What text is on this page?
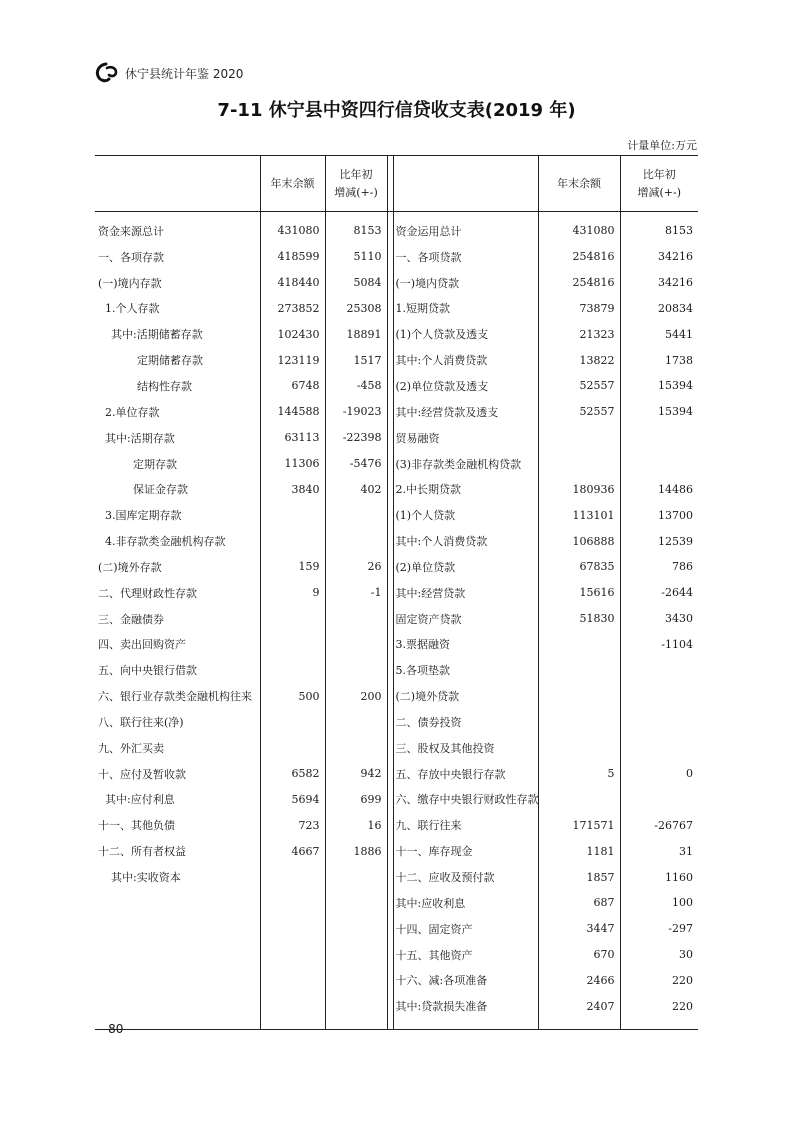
休宁县统计年鉴 2020
7-11 休宁县中资四行信贷收支表(2019 年)
计量单位:万元
	年末余额	比年初
增减(+-)			年末余额	比年初
增减(+-)
资金来源总计	431080	8153		资金运用总计	431080	8153
一、各项存款	418599	5110		一、各项贷款	254816	34216
(一)境内存款	418440	5084		(一)境内贷款	254816	34216
1.个人存款	273852	25308		1.短期贷款	73879	20834
其中:活期储蓄存款	102430	18891		(1)个人贷款及透支	21323	5441
定期储蓄存款	123119	1517		其中:个人消费贷款	13822	1738
结构性存款	6748	-458		(2)单位贷款及透支	52557	15394
2.单位存款	144588	-19023		其中:经营贷款及透支	52557	15394
其中:活期存款	63113	-22398		贸易融资		
定期存款	11306	-5476		(3)非存款类金融机构贷款		
保证金存款	3840	402		2.中长期贷款	180936	14486
3.国库定期存款				(1)个人贷款	113101	13700
4.非存款类金融机构存款				其中:个人消费贷款	106888	12539
(二)境外存款	159	26		(2)单位贷款	67835	786
二、代理财政性存款	9	-1		其中:经营贷款	15616	-2644
三、金融债券				固定资产贷款	51830	3430
四、卖出回购资产				3.票据融资		-1104
五、向中央银行借款				5.各项垫款		
六、银行业存款类金融机构往来	500	200		(二)境外贷款		
八、联行往来(净)				二、债券投资		
九、外汇买卖				三、股权及其他投资		
十、应付及暂收款	6582	942		五、存放中央银行存款	5	0
其中:应付利息	5694	699		六、缴存中央银行财政性存款		
十一、其他负债	723	16		九、联行往来	171571	-26767
十二、所有者权益	4667	1886		十一、库存现金	1181	31
其中:实收资本				十二、应收及预付款	1857	1160
				其中:应收利息	687	100
				十四、固定资产	3447	-297
				十五、其他资产	670	30
				十六、减:各项准备	2466	220
				其中:贷款损失准备	2407	220
- 80 -
